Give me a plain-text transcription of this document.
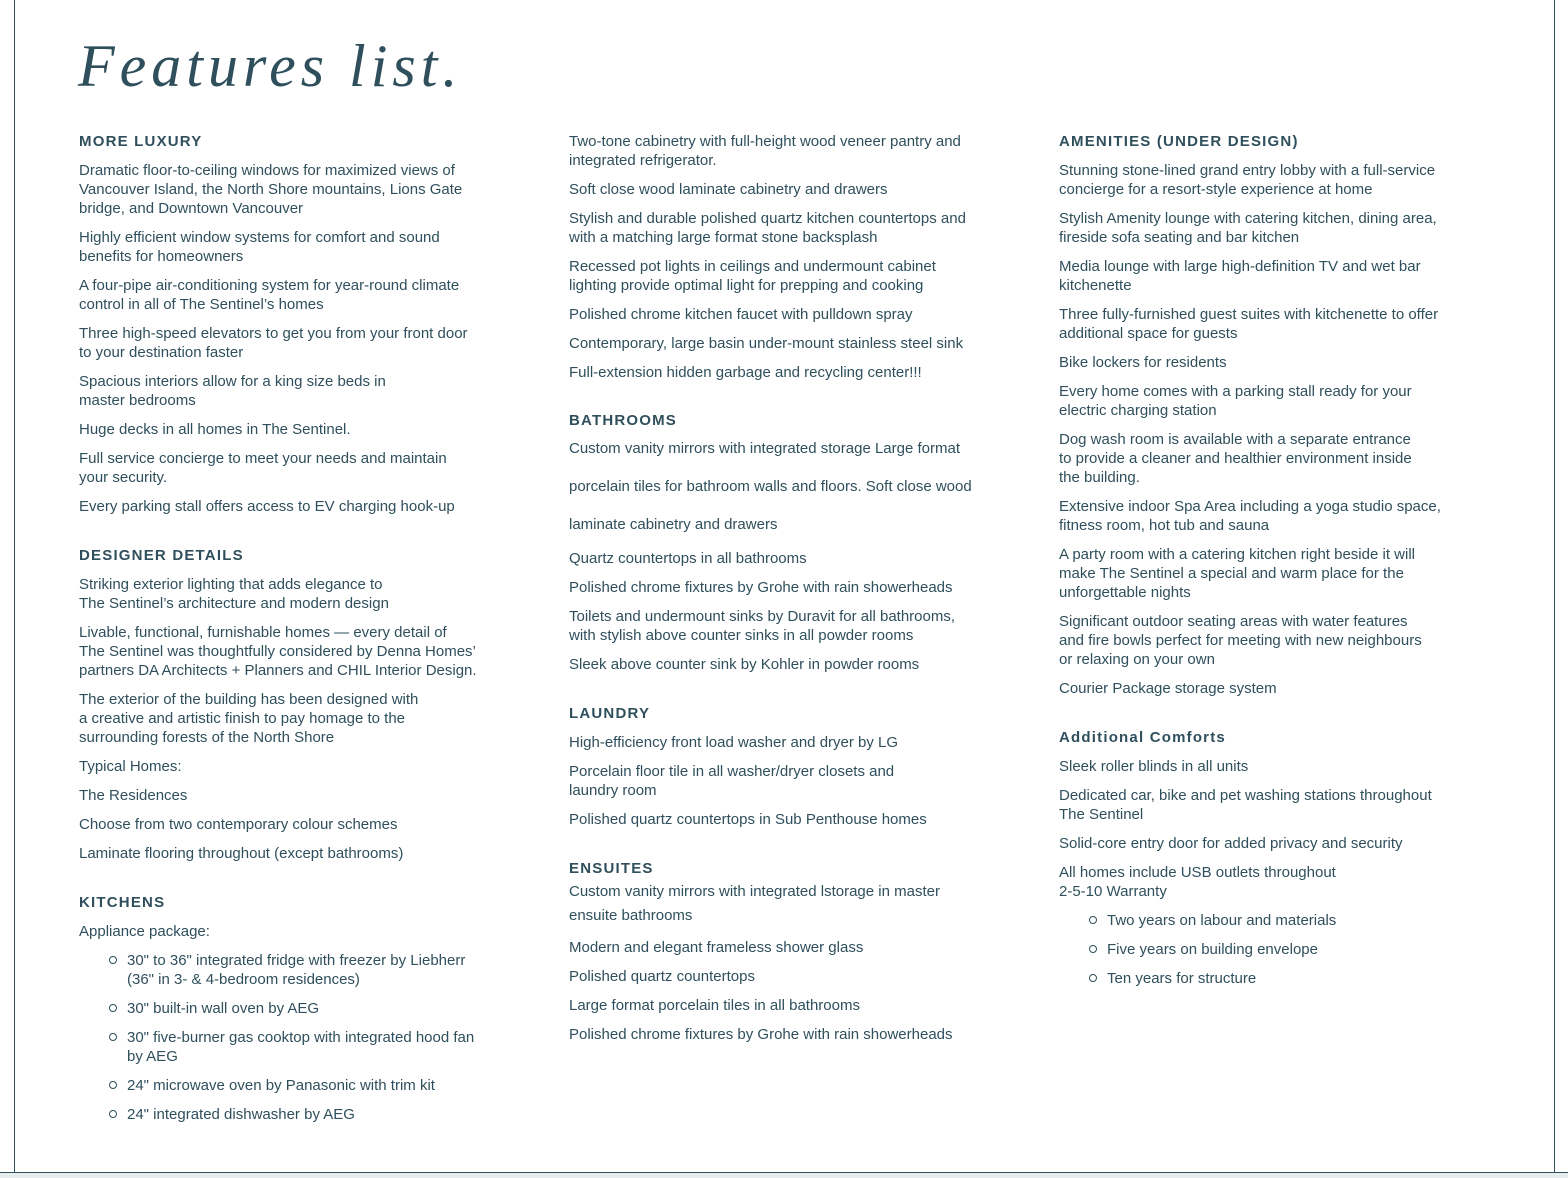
Features list.
MORE LUXURY
Dramatic floor-to-ceiling windows for maximized views of
Vancouver Island, the North Shore mountains, Lions Gate
bridge, and Downtown Vancouver
Highly efficient window systems for comfort and sound
benefits for homeowners
A four-pipe air-conditioning system for year-round climate
control in all of The Sentinel’s homes
Three high-speed elevators to get you from your front door
to your destination faster
Spacious interiors allow for a king size beds in
master bedrooms
Huge decks in all homes in The Sentinel.
Full service concierge to meet your needs and maintain
your security.
Every parking stall offers access to EV charging hook-up
DESIGNER DETAILS
Striking exterior lighting that adds elegance to
The Sentinel’s architecture and modern design
Livable, functional, furnishable homes — every detail of
The Sentinel was thoughtfully considered by Denna Homes’
partners DA Architects + Planners and CHIL Interior Design.
The exterior of the building has been designed with
a creative and artistic finish to pay homage to the
surrounding forests of the North Shore
Typical Homes:
The Residences
Choose from two contemporary colour schemes
Laminate flooring throughout (except bathrooms)
KITCHENS
Appliance package:
30" to 36" integrated fridge with freezer by Liebherr
(36" in 3- & 4-bedroom residences)
30" built-in wall oven by AEG
30" five-burner gas cooktop with integrated hood fan
by AEG
24" microwave oven by Panasonic with trim kit
24" integrated dishwasher by AEG
Two-tone cabinetry with full-height wood veneer pantry and
integrated refrigerator.
Soft close wood laminate cabinetry and drawers
Stylish and durable polished quartz kitchen countertops and
with a matching large format stone backsplash
Recessed pot lights in ceilings and undermount cabinet
lighting provide optimal light for prepping and cooking
Polished chrome kitchen faucet with pulldown spray
Contemporary, large basin under-mount stainless steel sink
Full-extension hidden garbage and recycling center!!!
BATHROOMS
Custom vanity mirrors with integrated storage Large format
porcelain tiles for bathroom walls and floors. Soft close wood
laminate cabinetry and drawers
Quartz countertops in all bathrooms
Polished chrome fixtures by Grohe with rain showerheads
Toilets and undermount sinks by Duravit for all bathrooms,
with stylish above counter sinks in all powder rooms
Sleek above counter sink by Kohler in powder rooms
LAUNDRY
High-efficiency front load washer and dryer by LG
Porcelain floor tile in all washer/dryer closets and
laundry room
Polished quartz countertops in Sub Penthouse homes
ENSUITES
Custom vanity mirrors with integrated lstorage in master
ensuite bathrooms
Modern and elegant frameless shower glass
Polished quartz countertops
Large format porcelain tiles in all bathrooms
Polished chrome fixtures by Grohe with rain showerheads
AMENITIES (UNDER DESIGN)
Stunning stone-lined grand entry lobby with a full-service
concierge for a resort-style experience at home
Stylish Amenity lounge with catering kitchen, dining area,
fireside sofa seating and bar kitchen
Media lounge with large high-definition TV and wet bar
kitchenette
Three fully-furnished guest suites with kitchenette to offer
additional space for guests
Bike lockers for residents
Every home comes with a parking stall ready for your
electric charging station
Dog wash room is available with a separate entrance
to provide a cleaner and healthier environment inside
the building.
Extensive indoor Spa Area including a yoga studio space,
fitness room, hot tub and sauna
A party room with a catering kitchen right beside it will
make The Sentinel a special and warm place for the
unforgettable nights
Significant outdoor seating areas with water features
and fire bowls perfect for meeting with new neighbours
or relaxing on your own
Courier Package storage system
Additional Comforts
Sleek roller blinds in all units
Dedicated car, bike and pet washing stations throughout
The Sentinel
Solid-core entry door for added privacy and security
All homes include USB outlets throughout
2-5-10 Warranty
Two years on labour and materials
Five years on building envelope
Ten years for structure
